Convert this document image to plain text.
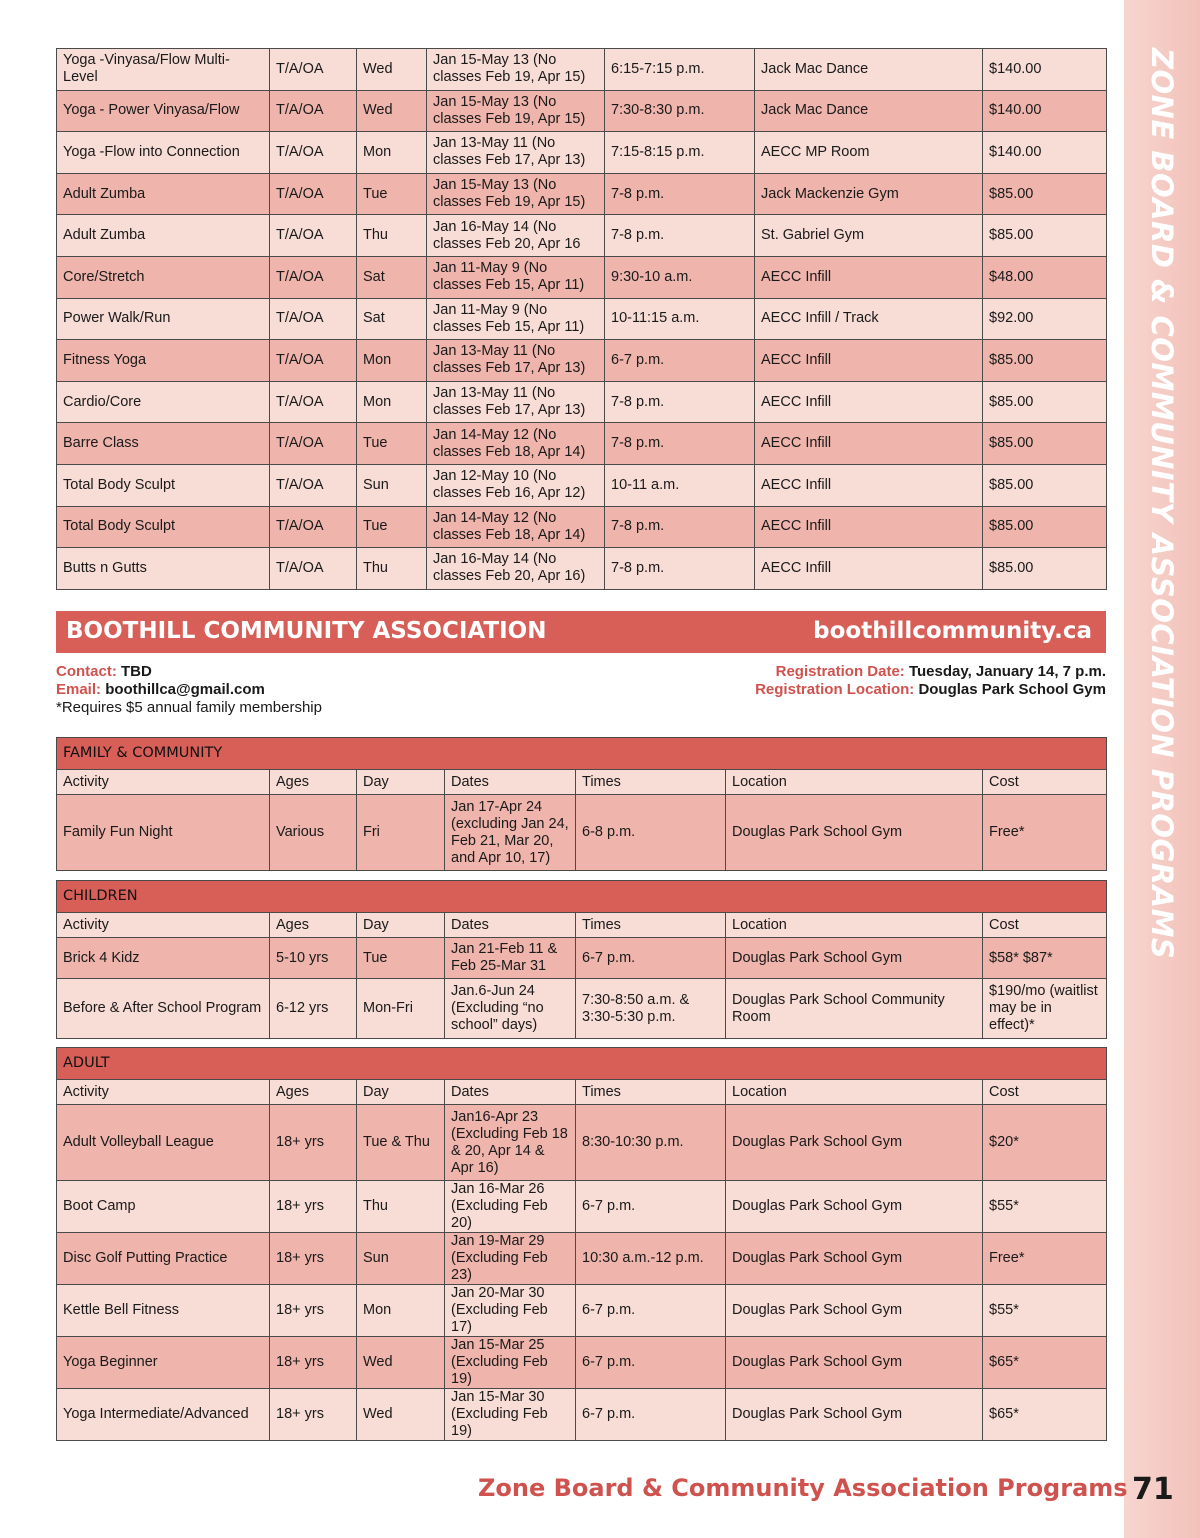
ZONE BOARD & COMMUNITY ASSOCIATION PROGRAMS
Yoga -Vinyasa/Flow Multi-Level	T/A/OA	Wed	Jan 15-May 13 (No classes Feb 19, Apr 15)	6:15-7:15 p.m.	Jack Mac Dance	$140.00
Yoga - Power Vinyasa/Flow	T/A/OA	Wed	Jan 15-May 13 (No classes Feb 19, Apr 15)	7:30-8:30 p.m.	Jack Mac Dance	$140.00
Yoga -Flow into Connection	T/A/OA	Mon	Jan 13-May 11 (No classes Feb 17, Apr 13)	7:15-8:15 p.m.	AECC MP Room	$140.00
Adult Zumba	T/A/OA	Tue	Jan 15-May 13 (No classes Feb 19, Apr 15)	7-8 p.m.	Jack Mackenzie Gym	$85.00
Adult Zumba	T/A/OA	Thu	Jan 16-May 14 (No classes Feb 20, Apr 16	7-8 p.m.	St. Gabriel Gym	$85.00
Core/Stretch	T/A/OA	Sat	Jan 11-May 9 (No classes Feb 15, Apr 11)	9:30-10 a.m.	AECC Infill	$48.00
Power Walk/Run	T/A/OA	Sat	Jan 11-May 9 (No classes Feb 15, Apr 11)	10-11:15 a.m.	AECC Infill / Track	$92.00
Fitness Yoga	T/A/OA	Mon	Jan 13-May 11 (No classes Feb 17, Apr 13)	6-7 p.m.	AECC Infill	$85.00
Cardio/Core	T/A/OA	Mon	Jan 13-May 11 (No classes Feb 17, Apr 13)	7-8 p.m.	AECC Infill	$85.00
Barre Class	T/A/OA	Tue	Jan 14-May 12 (No classes Feb 18, Apr 14)	7-8 p.m.	AECC Infill	$85.00
Total Body Sculpt	T/A/OA	Sun	Jan 12-May 10 (No classes Feb 16, Apr 12)	10-11 a.m.	AECC Infill	$85.00
Total Body Sculpt	T/A/OA	Tue	Jan 14-May 12 (No classes Feb 18, Apr 14)	7-8 p.m.	AECC Infill	$85.00
Butts n Gutts	T/A/OA	Thu	Jan 16-May 14 (No classes Feb 20, Apr 16)	7-8 p.m.	AECC Infill	$85.00
BOOTHILL COMMUNITY ASSOCIATION	boothillcommunity.ca
Contact: TBD
Email: boothillca@gmail.com
*Requires $5 annual family membership
Registration Date: Tuesday, January 14, 7 p.m.
Registration Location: Douglas Park School Gym
FAMILY & COMMUNITY						
Activity	Ages	Day	Dates	Times	Location	Cost
Family Fun Night	Various	Fri	Jan 17-Apr 24 (excluding Jan 24, Feb 21, Mar 20, and Apr 10, 17)	6-8 p.m.	Douglas Park School Gym	Free*
CHILDREN						
Activity	Ages	Day	Dates	Times	Location	Cost
Brick 4 Kidz	5-10 yrs	Tue	Jan 21-Feb 11 & Feb 25-Mar 31	6-7 p.m.	Douglas Park School Gym	$58* $87*
Before & After School Program	6-12 yrs	Mon-Fri	Jan.6-Jun 24 (Excluding “no school” days)	7:30-8:50 a.m. & 3:30-5:30 p.m.	Douglas Park School Community Room	$190/mo (waitlist may be in effect)*
ADULT						
Activity	Ages	Day	Dates	Times	Location	Cost
Adult Volleyball League	18+ yrs	Tue & Thu	Jan16-Apr 23 (Excluding Feb 18 & 20, Apr 14 & Apr 16)	8:30-10:30 p.m.	Douglas Park School Gym	$20*
Boot Camp	18+ yrs	Thu	Jan 16-Mar 26 (Excluding Feb 20)	6-7 p.m.	Douglas Park School Gym	$55*
Disc Golf Putting Practice	18+ yrs	Sun	Jan 19-Mar 29 (Excluding Feb 23)	10:30 a.m.-12 p.m.	Douglas Park School Gym	Free*
Kettle Bell Fitness	18+ yrs	Mon	Jan 20-Mar 30 (Excluding Feb 17)	6-7 p.m.	Douglas Park School Gym	$55*
Yoga Beginner	18+ yrs	Wed	Jan 15-Mar 25 (Excluding Feb 19)	6-7 p.m.	Douglas Park School Gym	$65*
Yoga Intermediate/Advanced	18+ yrs	Wed	Jan 15-Mar 30 (Excluding Feb 19)	6-7 p.m.	Douglas Park School Gym	$65*
Zone Board & Community Association Programs 71
